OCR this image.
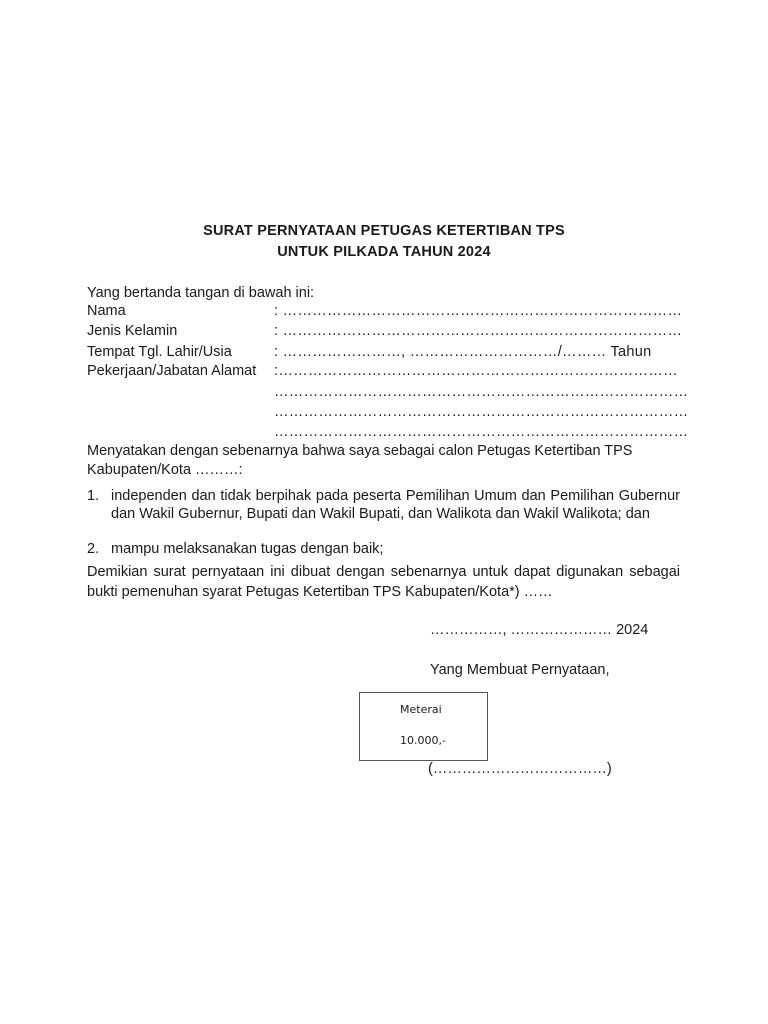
SURAT PERNYATAAN PETUGAS KETERTIBAN TPS
UNTUK PILKADA TAHUN 2024
Yang bertanda tangan di bawah ini:
Nama	: ………………………………………………………………………
Jenis Kelamin	: ………………………………………………………………………
Tempat Tgl. Lahir/Usia	: ……………………, …………………………/……… Tahun
Pekerjaan/Jabatan Alamat :………………………………………………………………………
…………………………………………………………………………
…………………………………………………………………………
…………………………………………………………………………
Menyatakan dengan sebenarnya bahwa saya sebagai calon Petugas Ketertiban TPS
Kabupaten/Kota ………:
1. independen dan tidak berpihak pada peserta Pemilihan Umum dan Pemilihan Gubernur dan Wakil Gubernur, Bupati dan Wakil Bupati, dan Walikota dan Wakil Walikota; dan
2. mampu melaksanakan tugas dengan baik;
Demikian surat pernyataan ini dibuat dengan sebenarnya untuk dapat digunakan sebagai bukti pemenuhan syarat Petugas Ketertiban TPS Kabupaten/Kota*) ……
……………, ………………… 2024
Yang Membuat Pernyataan,
Meterai
10.000,-
(………………………………)
